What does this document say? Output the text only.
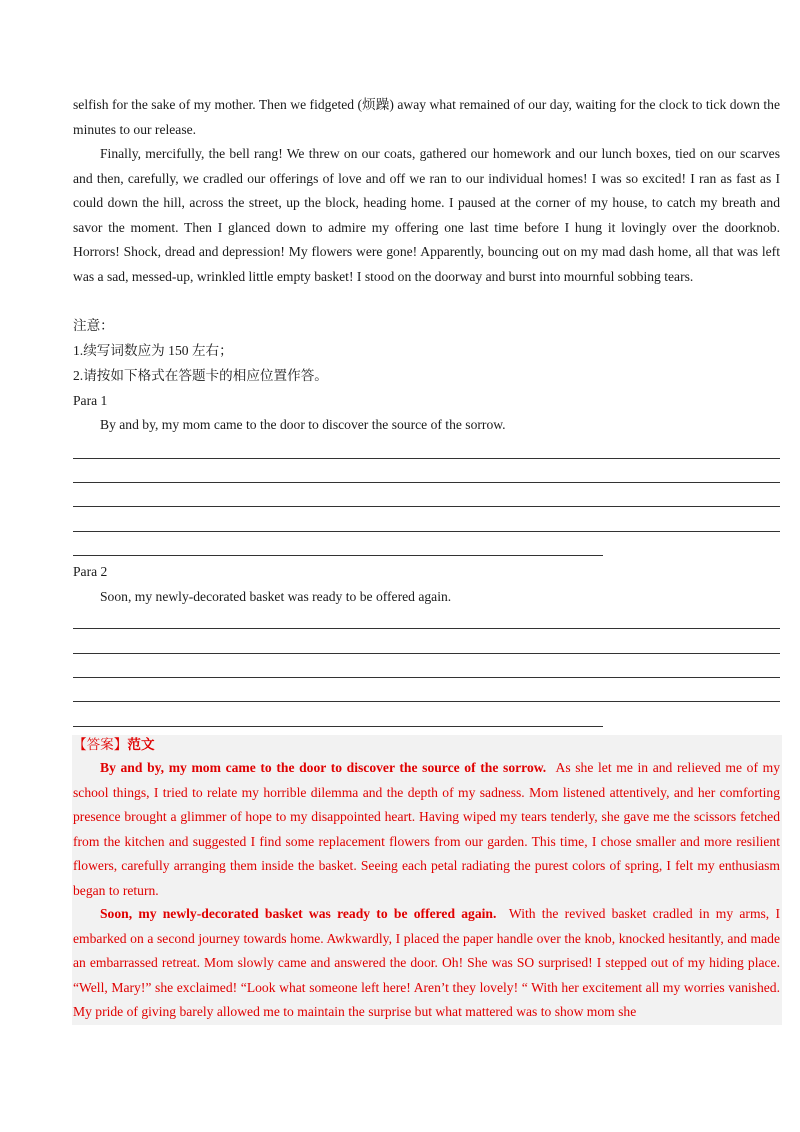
selfish for the sake of my mother. Then we fidgeted (烦躁) away what remained of our day, waiting for the clock to tick down the minutes to our release.

Finally, mercifully, the bell rang! We threw on our coats, gathered our homework and our lunch boxes, tied on our scarves and then, carefully, we cradled our offerings of love and off we ran to our individual homes! I was so excited! I ran as fast as I could down the hill, across the street, up the block, heading home. I paused at the corner of my house, to catch my breath and savor the moment. Then I glanced down to admire my offering one last time before I hung it lovingly over the doorknob. Horrors! Shock, dread and depression! My flowers were gone! Apparently, bouncing out on my mad dash home, all that was left was a sad, messed-up, wrinkled little empty basket! I stood on the doorway and burst into mournful sobbing tears.

注意：

1.续写词数应为 150 左右；

2.请按如下格式在答题卡的相应位置作答。

Para 1

By and by, my mom came to the door to discover the source of the sorrow.

Para 2

Soon, my newly-decorated basket was ready to be offered again.

【答案】范文

By and by, my mom came to the door to discover the source of the sorrow. As she let me in and relieved me of my school things, I tried to relate my horrible dilemma and the depth of my sadness. Mom listened attentively, and her comforting presence brought a glimmer of hope to my disappointed heart. Having wiped my tears tenderly, she gave me the scissors fetched from the kitchen and suggested I find some replacement flowers from our garden. This time, I chose smaller and more resilient flowers, carefully arranging them inside the basket. Seeing each petal radiating the purest colors of spring, I felt my enthusiasm began to return.

Soon, my newly-decorated basket was ready to be offered again. With the revived basket cradled in my arms, I embarked on a second journey towards home. Awkwardly, I placed the paper handle over the knob, knocked hesitantly, and made an embarrassed retreat. Mom slowly came and answered the door. Oh! She was SO surprised! I stepped out of my hiding place. “Well, Mary!” she exclaimed! “Look what someone left here! Aren’t they lovely! “ With her excitement all my worries vanished. My pride of giving barely allowed me to maintain the surprise but what mattered was to show mom she
